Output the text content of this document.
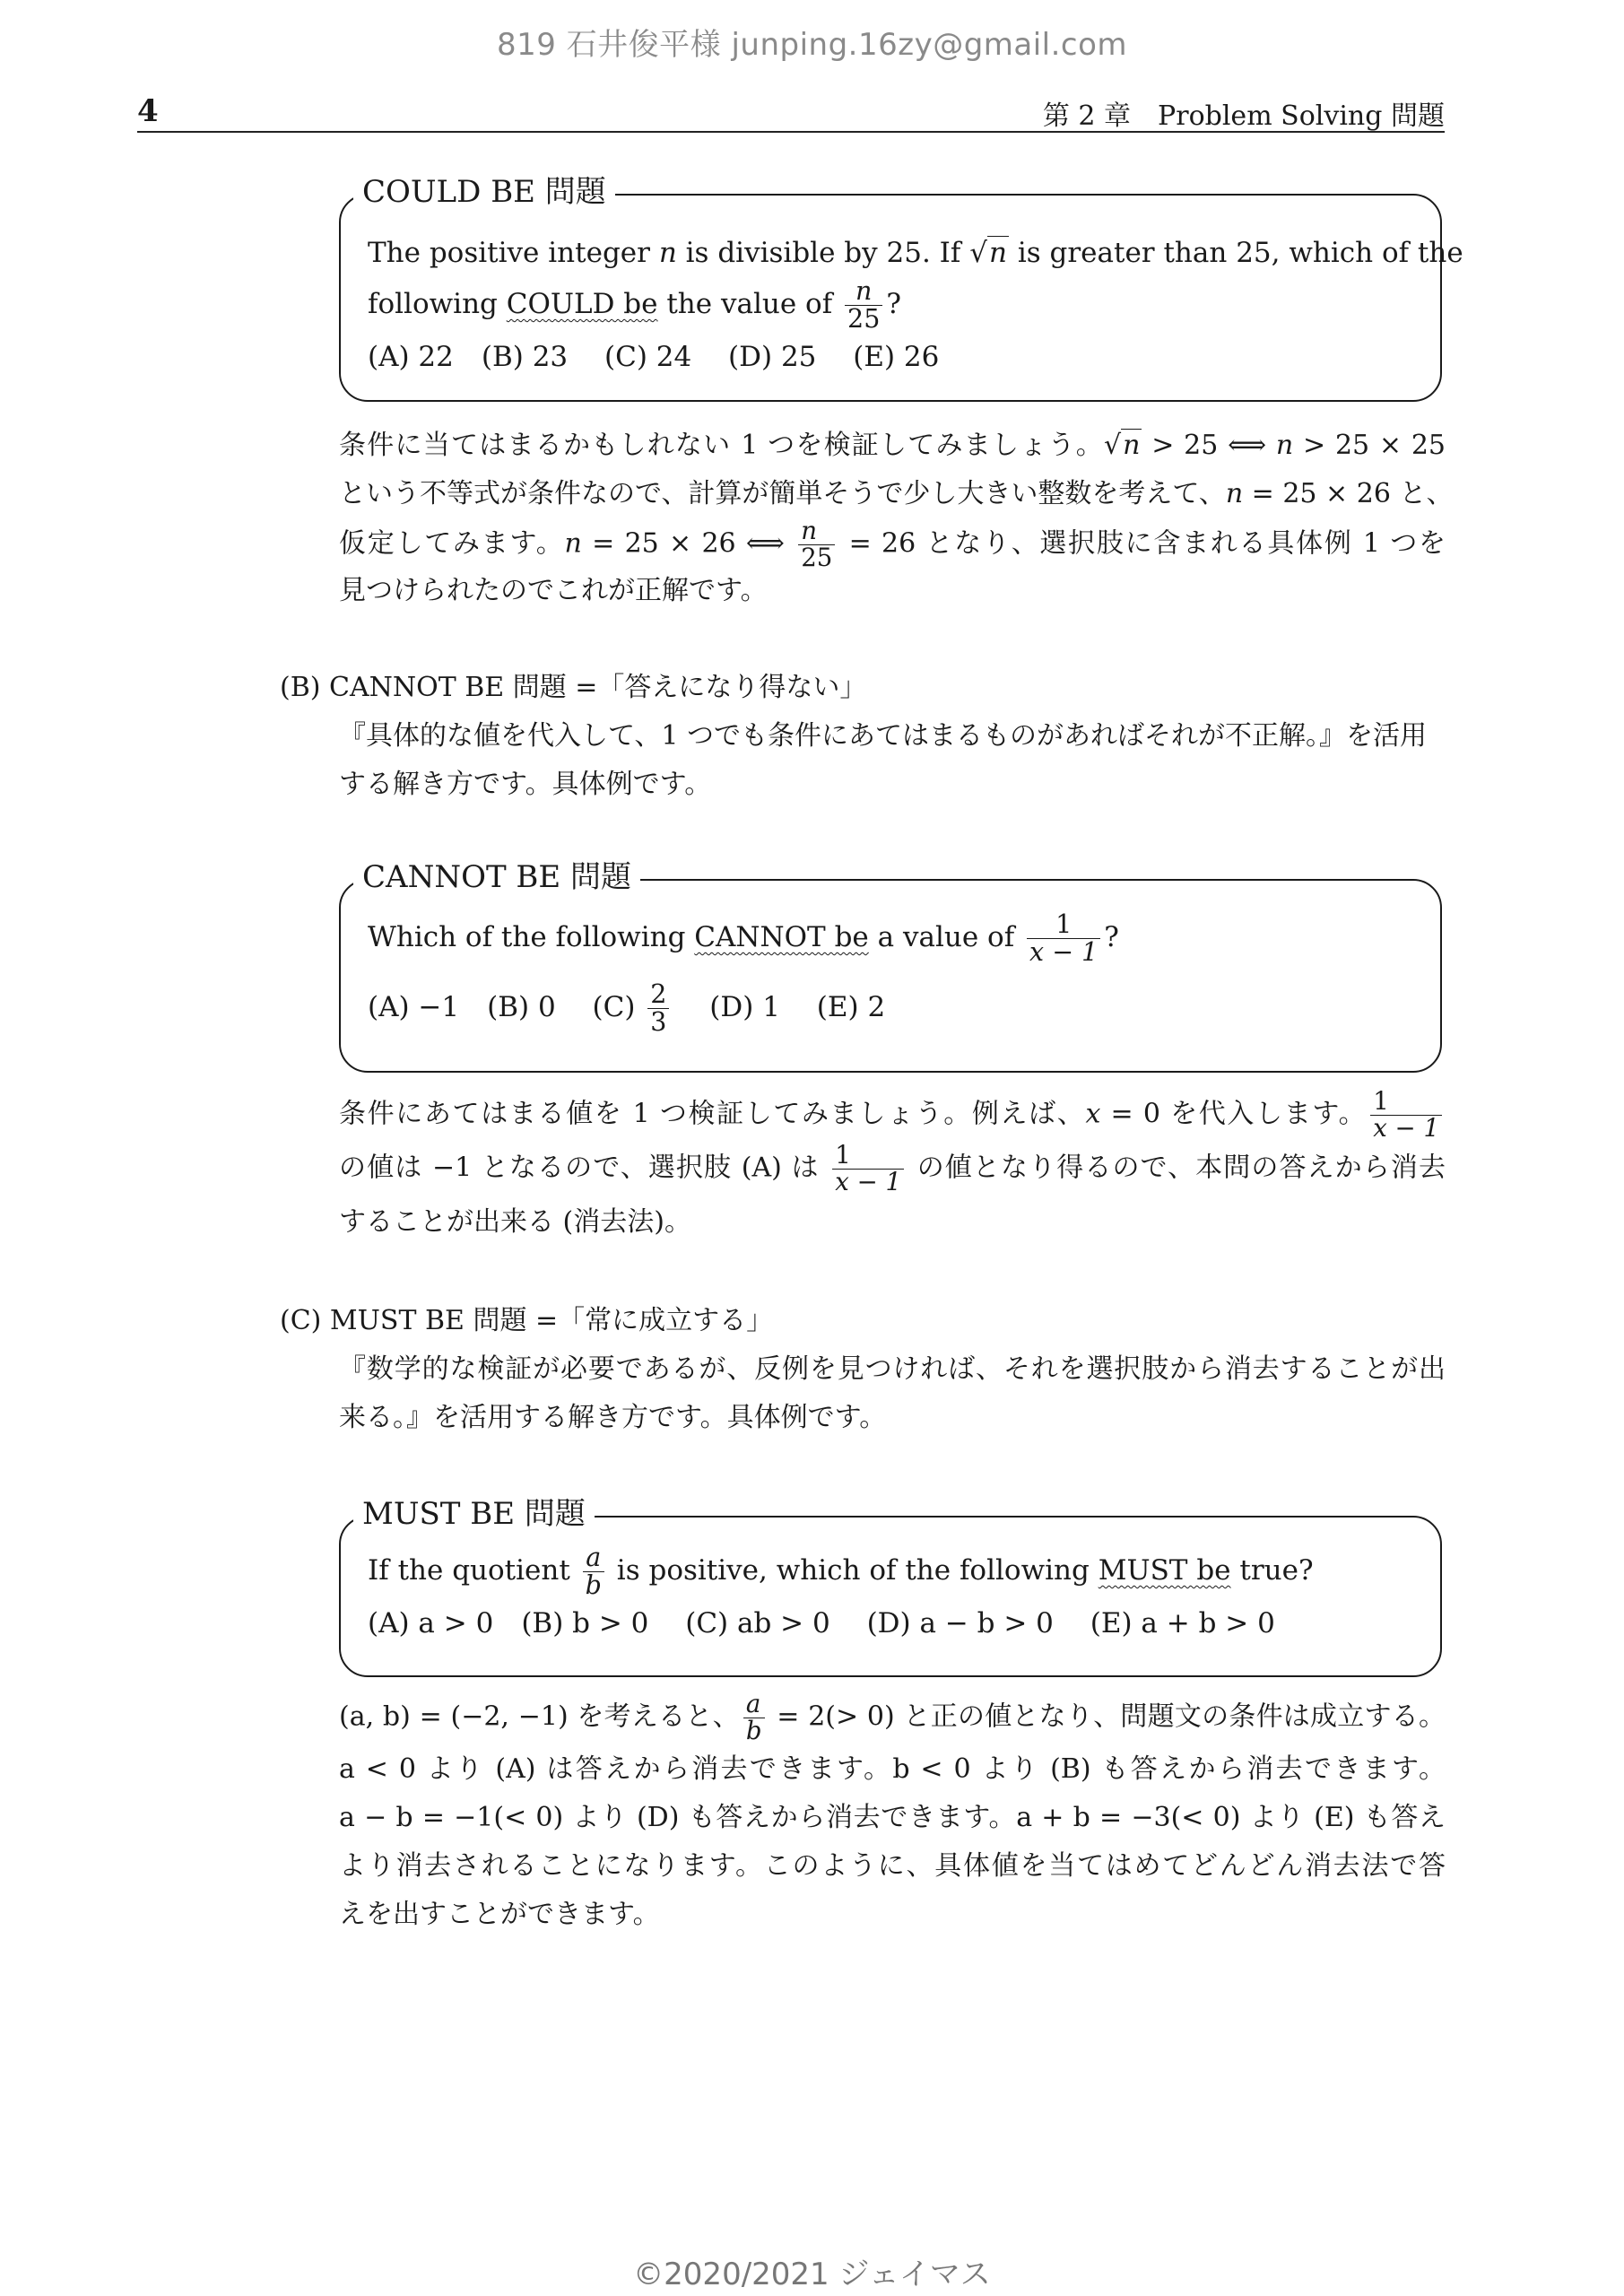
819 石井俊平様 junping.16zy@gmail.com
4	第 2 章　Problem Solving 問題
COULD BE 問題
The positive integer n is divisible by 25. If √n is greater than 25, which of the
following COULD be the value of $\frac{n}{25}$ ?
(A) 22　(B) 23　 (C) 24　 (D) 25　 (E) 26
条件に当てはまるかもしれない 1 つを検証してみましょう。√n > 25 ⟺ n > 25 × 25
という不等式が条件なので、計算が簡単そうで少し大きい整数を考えて、n = 25 × 26 と、
仮定してみます。n = 25 × 26 ⟺ $\frac{n}{25} = 26$ となり、選択肢に含まれる具体例 1 つを
見つけられたのでこれが正解です。
(B) CANNOT BE 問題 =「答えになり得ない」
『具体的な値を代入して、1 つでも条件にあてはまるものがあればそれが不正解。』を活用
する解き方です。具体例です。
CANNOT BE 問題
Which of the following CANNOT be a value of $\frac{1}{x - 1}$ ?
(A) −1　(B) 0　 $(C) \frac{2}{3}$ 　 (D) 1　 (E) 2
条件にあてはまる値を 1 つ検証してみましょう。例えば、x = 0 を代入します。 $\frac{1}{x - 1}$
の値は −1 となるので、選択肢 (A) は $\frac{1}{x - 1}$ の値となり得るので、本問の答えから消去
することが出来る (消去法)。
(C) MUST BE 問題 =「常に成立する」
『数学的な検証が必要であるが、反例を見つければ、それを選択肢から消去することが出
来る。』を活用する解き方です。具体例です。
MUST BE 問題
If the quotient $\frac{a}{b}$ is positive, which of the following MUST be true?
(A) a > 0　(B) b > 0　 (C) ab > 0　 (D) a − b > 0　 (E) a + b > 0
(a, b) = (−2, −1) を考えると、 $\frac{a}{b} = 2(> 0)$ と正の値となり、問題文の条件は成立する。
a < 0 より (A) は答えから消去できます。b < 0 より (B) も答えから消去できます。
a − b = −1(< 0) より (D) も答えから消去できます。a + b = −3(< 0) より (E) も答え
より消去されることになります。このように、具体値を当てはめてどんどん消去法で答
えを出すことができます。
©2020/2021 ジェイマス
